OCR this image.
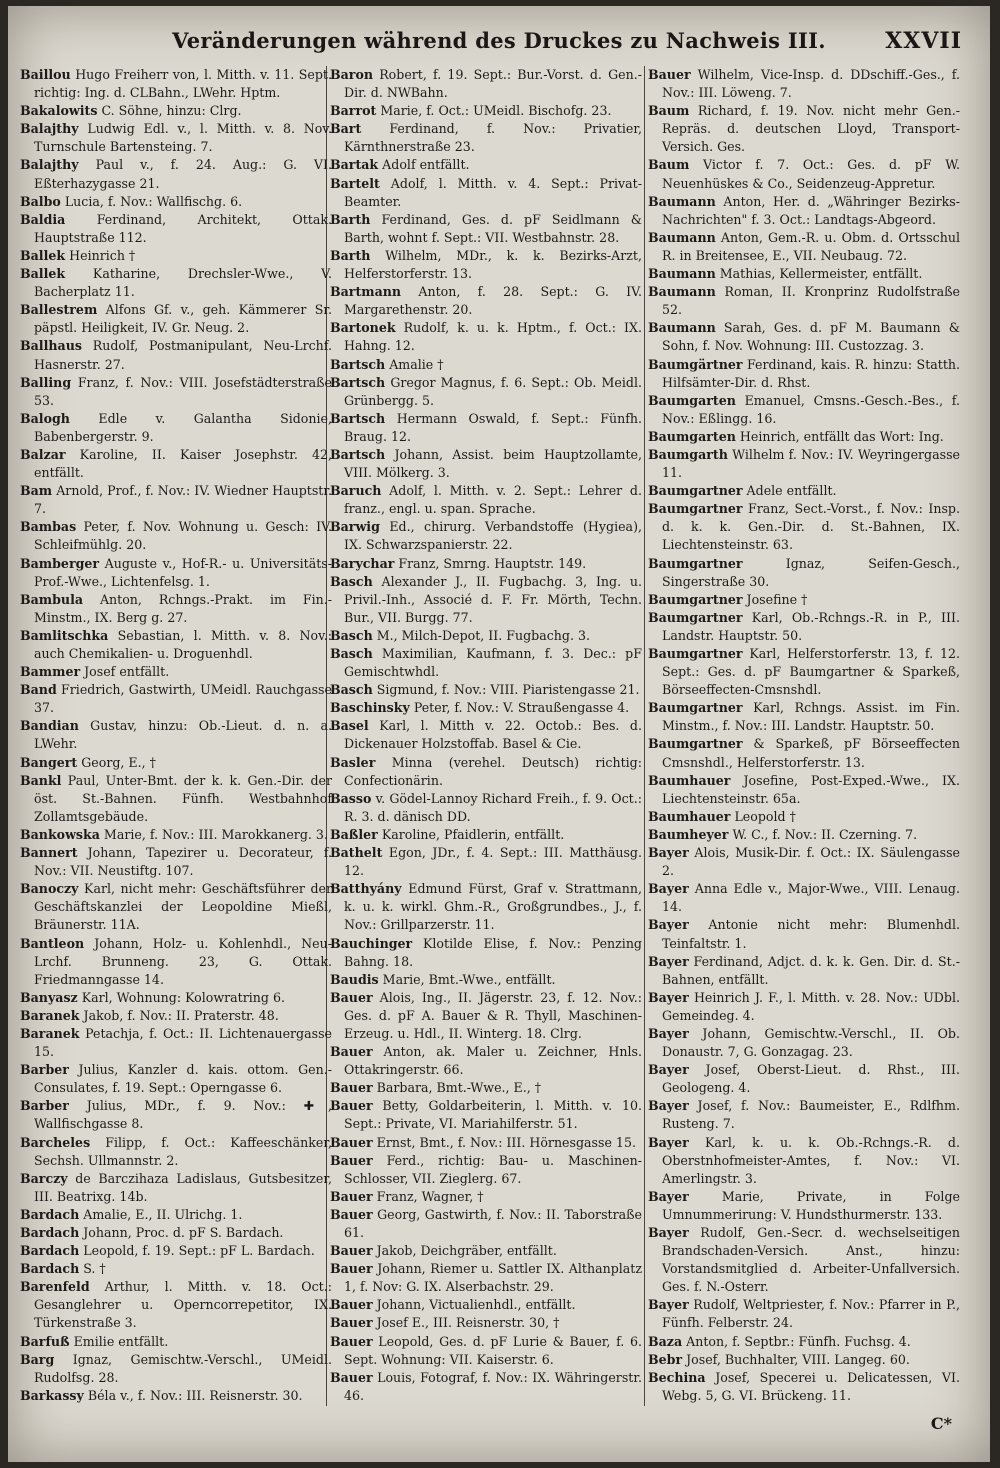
Veränderungen während des Druckes zu Nachweis III.	XXVII

Baillou Hugo Freiherr von, l. Mitth. v. 11. Sept. richtig: Ing. d. CLBahn., LWehr. Hptm.

Bakalowits C. Söhne, hinzu: Clrg.

Balajthy Ludwig Edl. v., l. Mitth. v. 8. Nov. Turnschule Bartensteing. 7.

Balajthy Paul v., f. 24. Aug.: G. VI. Eßterhazygasse 21.

Balbo Lucia, f. Nov.: Wallfischg. 6.

Baldia Ferdinand, Architekt, Ottak. Hauptstraße 112.

Ballek Heinrich †

Ballek Katharine, Drechsler-Wwe., V. Bacherplatz 11.

Ballestrem Alfons Gf. v., geh. Kämmerer Sr. päpstl. Heiligkeit, IV. Gr. Neug. 2.

Ballhaus Rudolf, Postmanipulant, Neu-Lrchf. Hasnerstr. 27.

Balling Franz, f. Nov.: VIII. Josefstädterstraße 53.

Balogh Edle v. Galantha Sidonie, Babenbergerstr. 9.

Balzar Karoline, II. Kaiser Josephstr. 42, entfällt.

Bam Arnold, Prof., f. Nov.: IV. Wiedner Hauptstr. 7.

Bambas Peter, f. Nov. Wohnung u. Gesch: IV. Schleifmühlg. 20.

Bamberger Auguste v., Hof-R.- u. Universitäts-Prof.-Wwe., Lichtenfelsg. 1.

Bambula Anton, Rchngs.-Prakt. im Fin.-Minstm., IX. Berg g. 27.

Bamlitschka Sebastian, l. Mitth. v. 8. Nov.: auch Chemikalien- u. Droguenhdl.

Bammer Josef entfällt.

Band Friedrich, Gastwirth, UMeidl. Rauchgasse 37.

Bandian Gustav, hinzu: Ob.-Lieut. d. n. a. LWehr.

Bangert Georg, E., †

Bankl Paul, Unter-Bmt. der k. k. Gen.-Dir. der öst. St.-Bahnen. Fünfh. Westbahnhof Zollamtsgebäude.

Bankowska Marie, f. Nov.: III. Marokkanerg. 3.

Bannert Johann, Tapezirer u. Decorateur, f. Nov.: VII. Neustiftg. 107.

Banoczy Karl, nicht mehr: Geschäftsführer der Geschäftskanzlei der Leopoldine Mießl, Bräunerstr. 11A.

Bantleon Johann, Holz- u. Kohlenhdl., Neu-Lrchf. Brunneng. 23, G. Ottak. Friedmanngasse 14.

Banyasz Karl, Wohnung: Kolowratring 6.

Baranek Jakob, f. Nov.: II. Praterstr. 48.

Baranek Petachja, f. Oct.: II. Lichtenauergasse 15.

Barber Julius, Kanzler d. kais. ottom. Gen.-Consulates, f. 19. Sept.: Operngasse 6.

Barber Julius, MDr., f. 9. Nov.: ✚, Wallfischgasse 8.

Barcheles Filipp, f. Oct.: Kaffeeschänker, Sechsh. Ullmannstr. 2.

Barczy de Barczihaza Ladislaus, Gutsbesitzer, III. Beatrixg. 14b.

Bardach Amalie, E., II. Ulrichg. 1.

Bardach Johann, Proc. d. pF S. Bardach.

Bardach Leopold, f. 19. Sept.: pF L. Bardach.

Bardach S. †

Barenfeld Arthur, l. Mitth. v. 18. Oct.: Gesanglehrer u. Operncorrepetitor, IX. Türkenstraße 3.

Barfuß Emilie entfällt.

Barg Ignaz, Gemischtw.-Verschl., UMeidl. Rudolfsg. 28.

Barkassy Béla v., f. Nov.: III. Reisnerstr. 30.

Baron Robert, f. 19. Sept.: Bur.-Vorst. d. Gen.-Dir. d. NWBahn.

Barrot Marie, f. Oct.: UMeidl. Bischofg. 23.

Bart Ferdinand, f. Nov.: Privatier, Kärnthnerstraße 23.

Bartak Adolf entfällt.

Bartelt Adolf, l. Mitth. v. 4. Sept.: Privat-Beamter.

Barth Ferdinand, Ges. d. pF Seidlmann & Barth, wohnt f. Sept.: VII. Westbahnstr. 28.

Barth Wilhelm, MDr., k. k. Bezirks-Arzt, Helferstorferstr. 13.

Bartmann Anton, f. 28. Sept.: G. IV. Margarethenstr. 20.

Bartonek Rudolf, k. u. k. Hptm., f. Oct.: IX. Hahng. 12.

Bartsch Amalie †

Bartsch Gregor Magnus, f. 6. Sept.: Ob. Meidl. Grünbergg. 5.

Bartsch Hermann Oswald, f. Sept.: Fünfh. Braug. 12.

Bartsch Johann, Assist. beim Hauptzollamte, VIII. Mölkerg. 3.

Baruch Adolf, l. Mitth. v. 2. Sept.: Lehrer d. franz., engl. u. span. Sprache.

Barwig Ed., chirurg. Verbandstoffe (Hygiea), IX. Schwarzspanierstr. 22.

Barychar Franz, Smrng. Hauptstr. 149.

Basch Alexander J., II. Fugbachg. 3, Ing. u. Privil.-Inh., Associé d. F. Fr. Mörth, Techn. Bur., VII. Burgg. 77.

Basch M., Milch-Depot, II. Fugbachg. 3.

Basch Maximilian, Kaufmann, f. 3. Dec.: pF Gemischtwhdl.

Basch Sigmund, f. Nov.: VIII. Piaristengasse 21.

Baschinsky Peter, f. Nov.: V. Straußengasse 4.

Basel Karl, l. Mitth v. 22. Octob.: Bes. d. Dickenauer Holzstoffab. Basel & Cie.

Basler Minna (verehel. Deutsch) richtig: Confectionärin.

Basso v. Gödel-Lannoy Richard Freih., f. 9. Oct.: R. 3. d. dänisch DD.

Baßler Karoline, Pfaidlerin, entfällt.

Bathelt Egon, JDr., f. 4. Sept.: III. Matthäusg. 12.

Batthyány Edmund Fürst, Graf v. Strattmann, k. u. k. wirkl. Ghm.-R., Großgrundbes., J., f. Nov.: Grillparzerstr. 11.

Bauchinger Klotilde Elise, f. Nov.: Penzing Bahng. 18.

Baudis Marie, Bmt.-Wwe., entfällt.

Bauer Alois, Ing., II. Jägerstr. 23, f. 12. Nov.: Ges. d. pF A. Bauer & R. Thyll, Maschinen-Erzeug. u. Hdl., II. Winterg. 18. Clrg.

Bauer Anton, ak. Maler u. Zeichner, Hnls. Ottakringerstr. 66.

Bauer Barbara, Bmt.-Wwe., E., †

Bauer Betty, Goldarbeiterin, l. Mitth. v. 10. Sept.: Private, VI. Mariahilferstr. 51.

Bauer Ernst, Bmt., f. Nov.: III. Hörnesgasse 15.

Bauer Ferd., richtig: Bau- u. Maschinen-Schlosser, VII. Zieglerg. 67.

Bauer Franz, Wagner, †

Bauer Georg, Gastwirth, f. Nov.: II. Taborstraße 61.

Bauer Jakob, Deichgräber, entfällt.

Bauer Johann, Riemer u. Sattler IX. Althanplatz 1, f. Nov: G. IX. Alserbachstr. 29.

Bauer Johann, Victualienhdl., entfällt.

Bauer Josef E., III. Reisnerstr. 30, †

Bauer Leopold, Ges. d. pF Lurie & Bauer, f. 6. Sept. Wohnung: VII. Kaiserstr. 6.

Bauer Louis, Fotograf, f. Nov.: IX. Währingerstr. 46.

Bauer Wilhelm, Vice-Insp. d. DDschiff.-Ges., f. Nov.: III. Löweng. 7.

Baum Richard, f. 19. Nov. nicht mehr Gen.-Repräs. d. deutschen Lloyd, Transport-Versich. Ges.

Baum Victor f. 7. Oct.: Ges. d. pF W. Neuenhüskes & Co., Seidenzeug-Appretur.

Baumann Anton, Her. d. „Währinger Bezirks-Nachrichten" f. 3. Oct.: Landtags-Abgeord.

Baumann Anton, Gem.-R. u. Obm. d. Ortsschul R. in Breitensee, E., VII. Neubaug. 72.

Baumann Mathias, Kellermeister, entfällt.

Baumann Roman, II. Kronprinz Rudolfstraße 52.

Baumann Sarah, Ges. d. pF M. Baumann & Sohn, f. Nov. Wohnung: III. Custozzag. 3.

Baumgärtner Ferdinand, kais. R. hinzu: Statth. Hilfsämter-Dir. d. Rhst.

Baumgarten Emanuel, Cmsns.-Gesch.-Bes., f. Nov.: Eßlingg. 16.

Baumgarten Heinrich, entfällt das Wort: Ing.

Baumgarth Wilhelm f. Nov.: IV. Weyringergasse 11.

Baumgartner Adele entfällt.

Baumgartner Franz, Sect.-Vorst., f. Nov.: Insp. d. k. k. Gen.-Dir. d. St.-Bahnen, IX. Liechtensteinstr. 63.

Baumgartner	Ignaz, Seifen-Gesch., Singerstraße 30.

Baumgartner Josefine †

Baumgartner Karl, Ob.-Rchngs.-R. in P., III. Landstr. Hauptstr. 50.

Baumgartner Karl, Helferstorferstr. 13, f. 12. Sept.: Ges. d. pF Baumgartner & Sparkeß, Börseeffecten-Cmsnshdl.

Baumgartner Karl, Rchngs. Assist. im Fin. Minstm., f. Nov.: III. Landstr. Hauptstr. 50.

Baumgartner & Sparkeß, pF Börseeffecten Cmsnshdl., Helferstorferstr. 13.

Baumhauer Josefine, Post-Exped.-Wwe., IX. Liechtensteinstr. 65a.

Baumhauer Leopold †

Baumheyer W. C., f. Nov.: II. Czerning. 7.

Bayer Alois, Musik-Dir. f. Oct.: IX. Säulengasse 2.

Bayer Anna Edle v., Major-Wwe., VIII. Lenaug. 14.

Bayer Antonie nicht mehr: Blumenhdl. Teinfaltstr. 1.

Bayer Ferdinand, Adjct. d. k. k. Gen. Dir. d. St.-Bahnen, entfällt.

Bayer Heinrich J. F., l. Mitth. v. 28. Nov.: UDbl. Gemeindeg. 4.

Bayer Johann, Gemischtw.-Verschl., II. Ob. Donaustr. 7, G. Gonzagag. 23.

Bayer Josef, Oberst-Lieut. d. Rhst., III. Geologeng. 4.

Bayer Josef, f. Nov.: Baumeister, E., Rdlfhm. Rusteng. 7.

Bayer Karl, k. u. k. Ob.-Rchngs.-R. d. Oberstnhofmeister-Amtes, f. Nov.: VI. Amerlingstr. 3.

Bayer	Marie, Private, in Folge Umnummerirung: V. Hundsthurmerstr. 133.

Bayer Rudolf, Gen.-Secr. d. wechselseitigen Brandschaden-Versich. Anst., hinzu: Vorstandsmitglied d. Arbeiter-Unfallversich. Ges. f. N.-Osterr.

Bayer Rudolf, Weltpriester, f. Nov.: Pfarrer in P., Fünfh. Felberstr. 24.

Baza Anton, f. Septbr.: Fünfh. Fuchsg. 4.

Bebr Josef, Buchhalter, VIII. Langeg. 60.

Bechina Josef, Specerei u. Delicatessen, VI. Webg. 5, G. VI. Brückeng. 11.

C*
